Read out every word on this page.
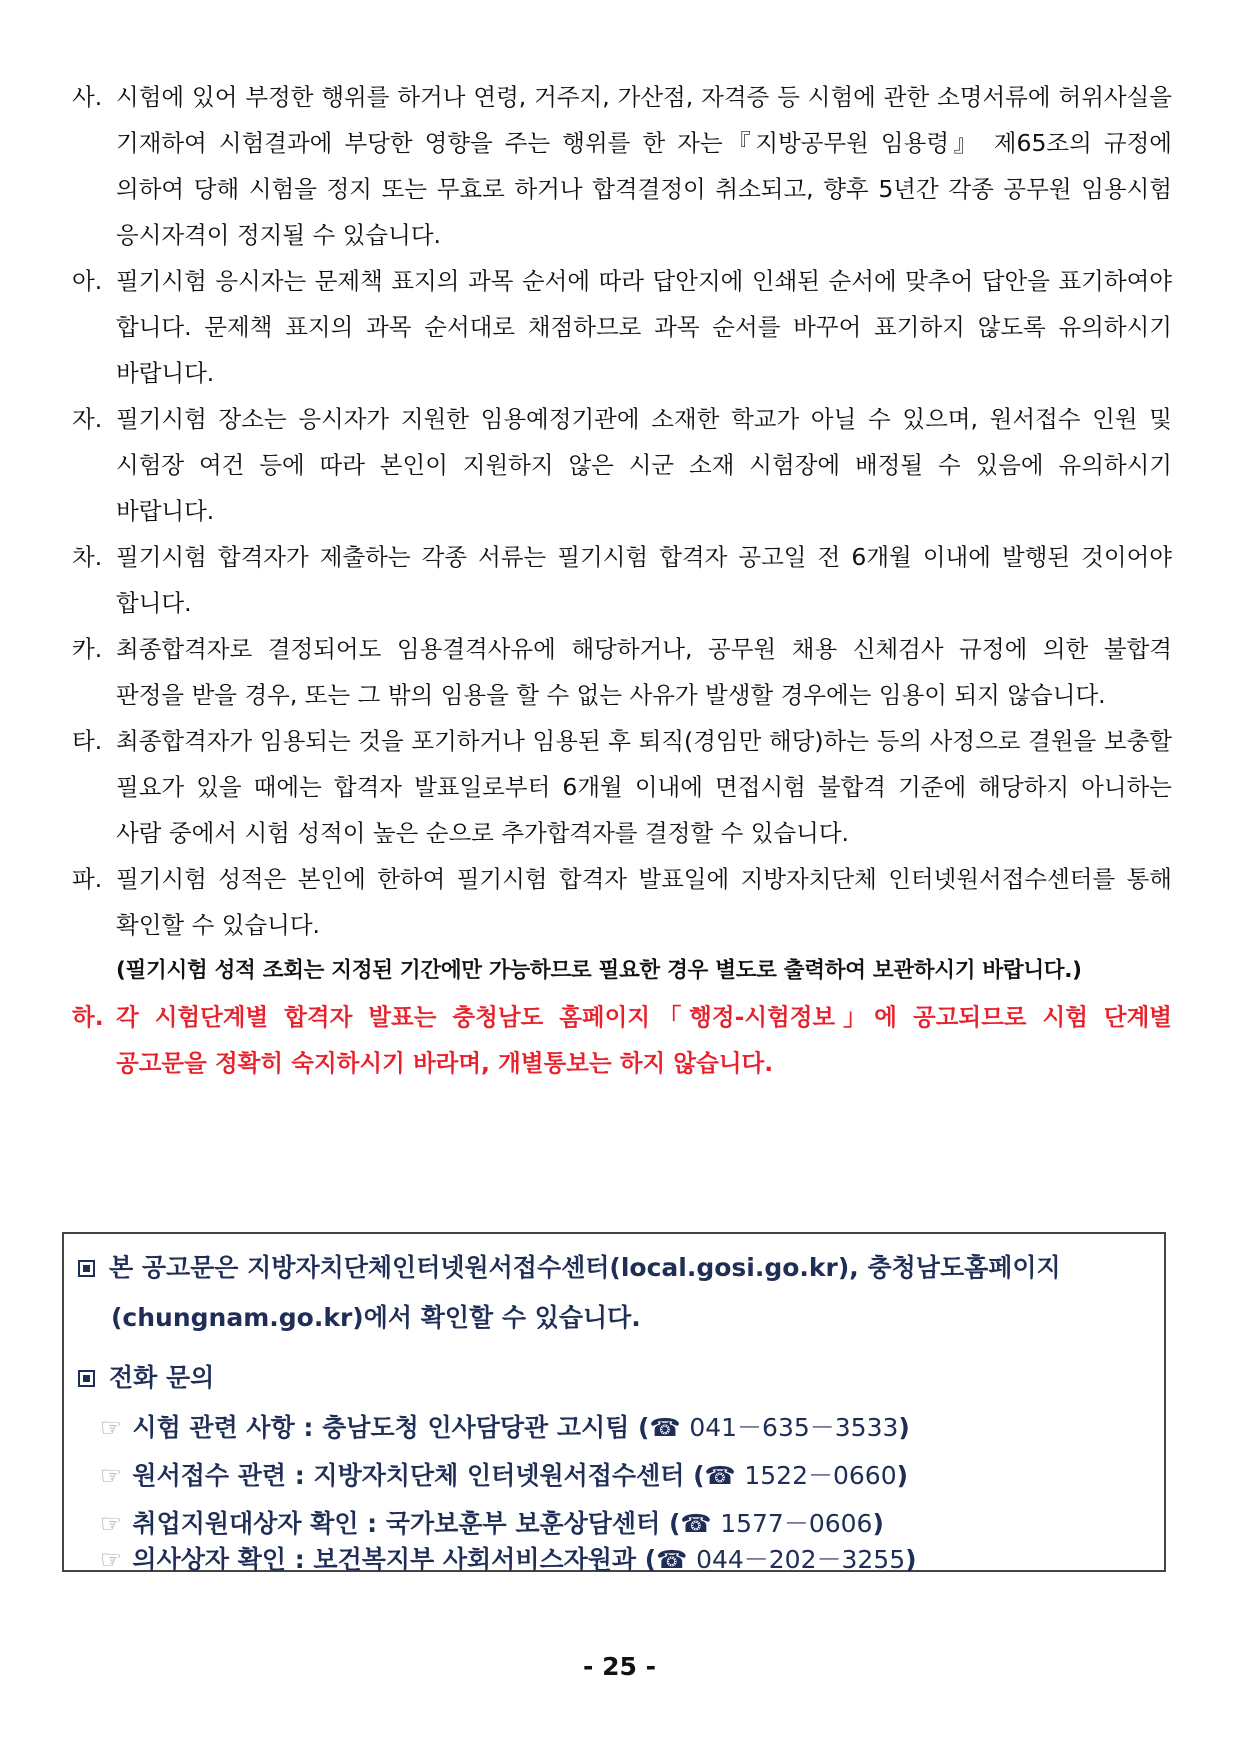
사. 시험에 있어 부정한 행위를 하거나 연령, 거주지, 가산점, 자격증 등 시험에 관한 소명서류에 허위사실을 기재하여 시험결과에 부당한 영향을 주는 행위를 한 자는『지방공무원 임용령』 제65조의 규정에 의하여 당해 시험을 정지 또는 무효로 하거나 합격결정이 취소되고, 향후 5년간 각종 공무원 임용시험 응시자격이 정지될 수 있습니다.
아. 필기시험 응시자는 문제책 표지의 과목 순서에 따라 답안지에 인쇄된 순서에 맞추어 답안을 표기하여야 합니다. 문제책 표지의 과목 순서대로 채점하므로 과목 순서를 바꾸어 표기하지 않도록 유의하시기 바랍니다.
자. 필기시험 장소는 응시자가 지원한 임용예정기관에 소재한 학교가 아닐 수 있으며, 원서접수 인원 및 시험장 여건 등에 따라 본인이 지원하지 않은 시군 소재 시험장에 배정될 수 있음에 유의하시기 바랍니다.
차. 필기시험 합격자가 제출하는 각종 서류는 필기시험 합격자 공고일 전 6개월 이내에 발행된 것이어야 합니다.
카. 최종합격자로 결정되어도 임용결격사유에 해당하거나, 공무원 채용 신체검사 규정에 의한 불합격 판정을 받을 경우, 또는 그 밖의 임용을 할 수 없는 사유가 발생할 경우에는 임용이 되지 않습니다.
타. 최종합격자가 임용되는 것을 포기하거나 임용된 후 퇴직(경임만 해당)하는 등의 사정으로 결원을 보충할 필요가 있을 때에는 합격자 발표일로부터 6개월 이내에 면접시험 불합격 기준에 해당하지 아니하는 사람 중에서 시험 성적이 높은 순으로 추가합격자를 결정할 수 있습니다.
파. 필기시험 성적은 본인에 한하여 필기시험 합격자 발표일에 지방자치단체 인터넷원서접수센터를 통해 확인할 수 있습니다.
(필기시험 성적 조회는 지정된 기간에만 가능하므로 필요한 경우 별도로 출력하여 보관하시기 바랍니다.)
하. 각 시험단계별 합격자 발표는 충청남도 홈페이지「행정-시험정보」에 공고되므로 시험 단계별 공고문을 정확히 숙지하시기 바라며, 개별통보는 하지 않습니다.
본 공고문은 지방자치단체인터넷원서접수센터(local.gosi.go.kr), 충청남도홈페이지
(chungnam.go.kr)에서 확인할 수 있습니다.
전화 문의
☞ 시험 관련 사항 : 충남도청 인사담당관 고시팀 (☎ 041－635－3533)
☞ 원서접수 관련 : 지방자치단체 인터넷원서접수센터 (☎ 1522－0660)
☞ 취업지원대상자 확인 : 국가보훈부 보훈상담센터 (☎ 1577－0606)
☞ 의사상자 확인 : 보건복지부 사회서비스자원과 (☎ 044－202－3255)
- 25 -
